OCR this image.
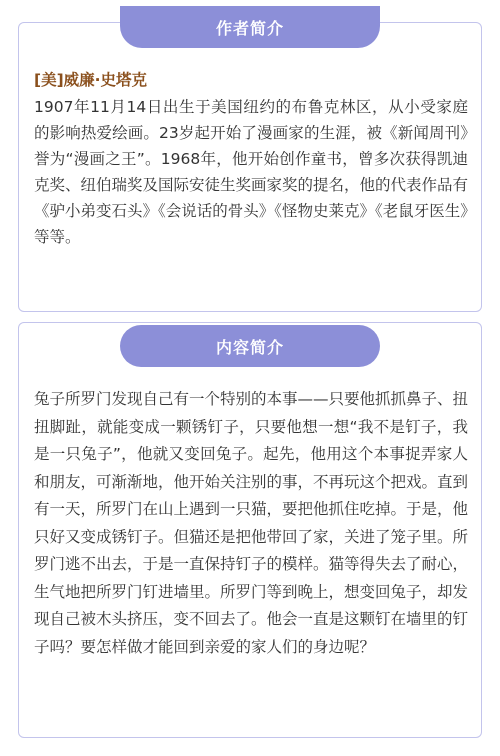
作者简介
[美]威廉·史塔克

1907年11月14日出生于美国纽约的布鲁克林区，从小受家庭的影响热爱绘画。23岁起开始了漫画家的生涯，被《新闻周刊》誉为“漫画之王”。1968年，他开始创作童书，曾多次获得凯迪克奖、纽伯瑞奖及国际安徒生奖画家奖的提名，他的代表作品有《驴小弟变石头》《会说话的骨头》《怪物史莱克》《老鼠牙医生》等等。

内容简介

兔子所罗门发现自己有一个特别的本事——只要他抓抓鼻子、扭扭脚趾，就能变成一颗锈钉子，只要他想一想“我不是钉子，我是一只兔子”，他就又变回兔子。起先，他用这个本事捉弄家人和朋友，可渐渐地，他开始关注别的事，不再玩这个把戏。直到有一天，所罗门在山上遇到一只猫，要把他抓住吃掉。于是，他只好又变成锈钉子。但猫还是把他带回了家，关进了笼子里。所罗门逃不出去，于是一直保持钉子的模样。猫等得失去了耐心，生气地把所罗门钉进墙里。所罗门等到晚上，想变回兔子，却发现自己被木头挤压，变不回去了。他会一直是这颗钉在墙里的钉子吗？要怎样做才能回到亲爱的家人们的身边呢？
